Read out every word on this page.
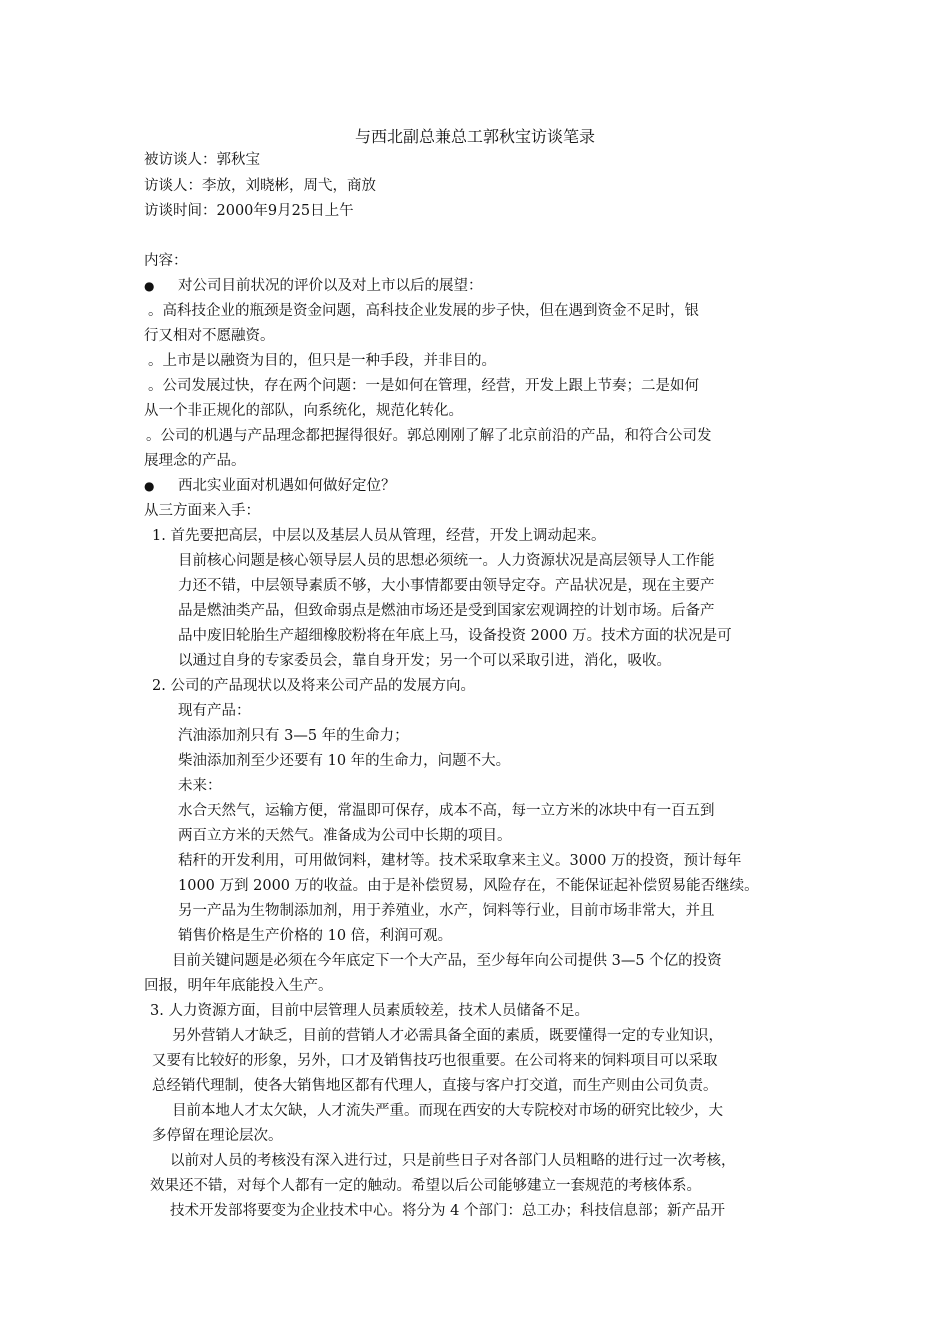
与西北副总兼总工郭秋宝访谈笔录
被访谈人：郭秋宝
访谈人：李放，刘晓彬，周弋，商放
访谈时间：2000年9月25日上午
内容：
● 对公司目前状况的评价以及对上市以后的展望：
。高科技企业的瓶颈是资金问题，高科技企业发展的步子快，但在遇到资金不足时，银
行又相对不愿融资。
。上市是以融资为目的，但只是一种手段，并非目的。
。公司发展过快，存在两个问题：一是如何在管理，经营，开发上跟上节奏；二是如何
从一个非正规化的部队，向系统化，规范化转化。
。公司的机遇与产品理念都把握得很好。郭总刚刚了解了北京前沿的产品，和符合公司发
展理念的产品。
● 西北实业面对机遇如何做好定位？
从三方面来入手：
1. 首先要把高层，中层以及基层人员从管理，经营，开发上调动起来。
目前核心问题是核心领导层人员的思想必须统一。人力资源状况是高层领导人工作能
力还不错，中层领导素质不够，大小事情都要由领导定夺。产品状况是，现在主要产
品是燃油类产品，但致命弱点是燃油市场还是受到国家宏观调控的计划市场。后备产
品中废旧轮胎生产超细橡胶粉将在年底上马，设备投资 2000 万。技术方面的状况是可
以通过自身的专家委员会，靠自身开发；另一个可以采取引进，消化，吸收。
2. 公司的产品现状以及将来公司产品的发展方向。
现有产品：
汽油添加剂只有 3—5 年的生命力；
柴油添加剂至少还要有 10 年的生命力，问题不大。
未来：
水合天然气，运输方便，常温即可保存，成本不高，每一立方米的冰块中有一百五到
两百立方米的天然气。准备成为公司中长期的项目。
秸秆的开发利用，可用做饲料，建材等。技术采取拿来主义。3000 万的投资，预计每年
1000 万到 2000 万的收益。由于是补偿贸易，风险存在，不能保证起补偿贸易能否继续。
另一产品为生物制添加剂，用于养殖业，水产，饲料等行业，目前市场非常大，并且
销售价格是生产价格的 10 倍，利润可观。
目前关键问题是必须在今年底定下一个大产品，至少每年向公司提供 3—5 个亿的投资
回报，明年年底能投入生产。
3. 人力资源方面，目前中层管理人员素质较差，技术人员储备不足。
另外营销人才缺乏，目前的营销人才必需具备全面的素质，既要懂得一定的专业知识，
又要有比较好的形象，另外，口才及销售技巧也很重要。在公司将来的饲料项目可以采取
总经销代理制，使各大销售地区都有代理人，直接与客户打交道，而生产则由公司负责。
目前本地人才太欠缺，人才流失严重。而现在西安的大专院校对市场的研究比较少，大
多停留在理论层次。
以前对人员的考核没有深入进行过，只是前些日子对各部门人员粗略的进行过一次考核，
效果还不错，对每个人都有一定的触动。希望以后公司能够建立一套规范的考核体系。
技术开发部将要变为企业技术中心。将分为 4 个部门：总工办；科技信息部；新产品开
